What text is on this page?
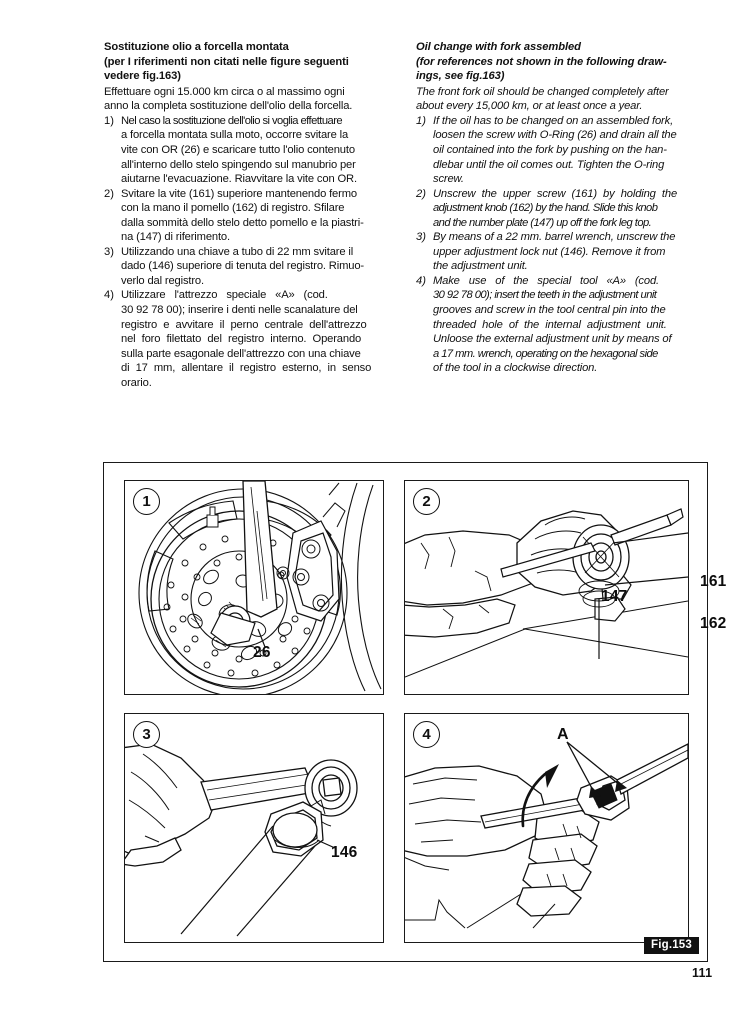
Sostituzione olio a forcella montata
(per I riferimenti non citati nelle figure seguenti
vedere fig.163)
Effettuare ogni 15.000 km circa o al massimo ogni
anno la completa sostituzione dell'olio della forcella.
1) Nel caso la sostituzione dell'olio si voglia effettuare
a forcella montata sulla moto, occorre svitare la
vite con OR (26) e scaricare tutto l'olio contenuto
all'interno dello stelo spingendo sul manubrio per
aiutarne l'evacuazione. Riavvitare la vite con OR.
2) Svitare la vite (161) superiore mantenendo fermo
con la mano il pomello (162) di registro. Sfilare
dalla sommità dello stelo detto pomello e la piastri-
na (147) di riferimento.
3) Utilizzando una chiave a tubo di 22 mm svitare il
dado (146) superiore di tenuta del registro. Rimuo-
verlo dal registro.
4) Utilizzare l'attrezzo speciale «A» (cod.
30 92 78 00); inserire i denti nelle scanalature del
registro e avvitare il perno centrale dell'attrezzo
nel foro filettato del registro interno. Operando
sulla parte esagonale dell'attrezzo con una chiave
di 17 mm, allentare il registro esterno, in senso
orario.
Oil change with fork assembled
(for references not shown in the following draw-
ings, see fig.163)
The front fork oil should be changed completely after
about every 15,000 km, or at least once a year.
1) If the oil has to be changed on an assembled fork,
loosen the screw with O-Ring (26) and drain all the
oil contained into the fork by pushing on the han-
dlebar until the oil comes out. Tighten the O-ring
screw.
2) Unscrew the upper screw (161) by holding the
adjustment knob (162) by the hand. Slide this knob
and the number plate (147) up off the fork leg top.
3) By means of a 22 mm. barrel wrench, unscrew the
upper adjustment lock nut (146). Remove it from
the adjustment unit.
4) Make use of the special tool «A» (cod.
30 92 78 00); insert the teeth in the adjustment unit
grooves and screw in the tool central pin into the
threaded hole of the internal adjustment unit.
Unloose the external adjustment unit by means of
a 17 mm. wrench, operating on the hexagonal side
of the tool in a clockwise direction.
1
26
2
147
161
162
3
146
4	A
Fig.153
111
